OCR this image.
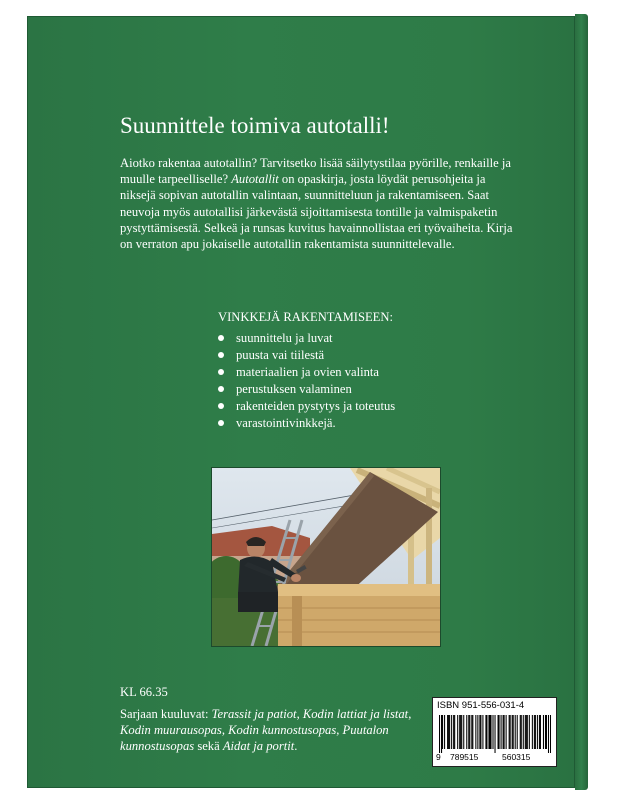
Suunnittele toimiva autotalli!

Aiotko rakentaa autotallin? Tarvitsetko lisää säilytystilaa pyörille, renkaille ja muulle tarpeelliselle? Autotallit on opaskirja, josta löydät perusohjeita ja niksejä sopivan autotallin valintaan, suunnitteluun ja rakentamiseen. Saat neuvoja myös autotallisi järkevästä sijoittamisesta tontille ja valmispaketin pystyttämisestä. Selkeä ja runsas kuvitus havainnollistaa eri työvaiheita. Kirja on verraton apu jokaiselle autotallin rakentamista suunnittelevalle.

VINKKEJÄ RAKENTAMISEEN:
suunnittelu ja luvat
puusta vai tiilestä
materiaalien ja ovien valinta
perustuksen valaminen
rakenteiden pystytys ja toteutus
varastointivinkkejä.
KL 66.35

Sarjaan kuuluvat: Terassit ja patiot, Kodin lattiat ja listat, Kodin muurausopas, Kodin kunnostusopas, Puutalon kunnostusopas sekä Aidat ja portit.

ISBN 951-556-031-4
9 789515	560315
